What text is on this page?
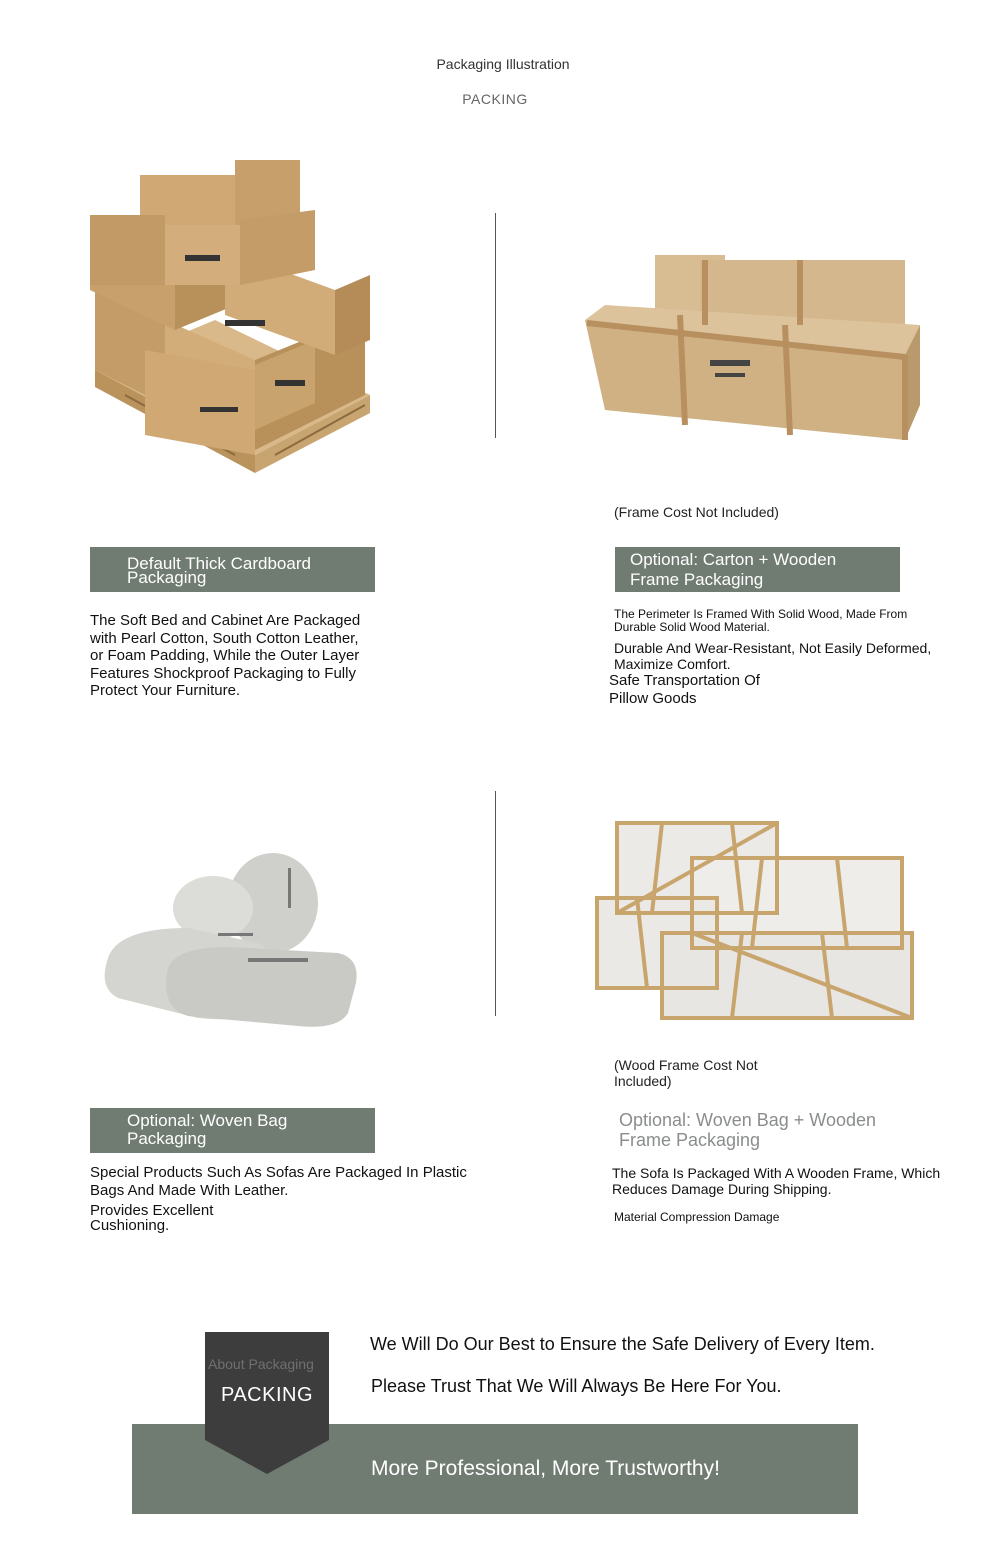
Packaging Illustration
PACKING
(Frame Cost Not Included)
Default Thick Cardboard
Packaging
Optional: Carton + Wooden
Frame Packaging
The Soft Bed and Cabinet Are Packaged
with Pearl Cotton, South Cotton Leather,
or Foam Padding, While the Outer Layer
Features Shockproof Packaging to Fully
Protect Your Furniture.
The Perimeter Is Framed With Solid Wood, Made From
Durable Solid Wood Material.
Durable And Wear-Resistant, Not Easily Deformed,
Maximize Comfort.
Safe Transportation Of
Pillow Goods
(Wood Frame Cost Not
Included)
Optional: Woven Bag
Packaging
Optional: Woven Bag + Wooden
Frame Packaging
Special Products Such As Sofas Are Packaged In Plastic
Bags And Made With Leather.
Provides Excellent
Cushioning.
The Sofa Is Packaged With A Wooden Frame, Which
Reduces Damage During Shipping.
Material Compression Damage
More Professional, More Trustworthy!
About Packaging
PACKING
We Will Do Our Best to Ensure the Safe Delivery of Every Item.
Please Trust That We Will Always Be Here For You.
